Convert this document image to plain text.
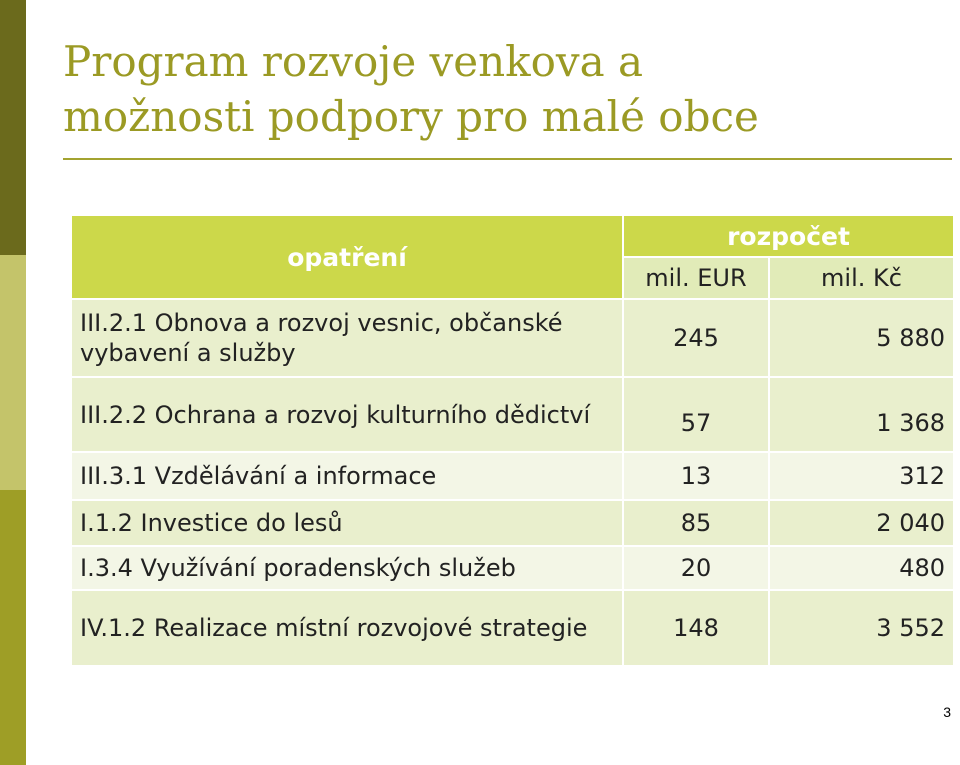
Program rozvoje venkova a
možnosti podpory pro malé obce
opatření	rozpočet	
	mil. EUR	mil. Kč
III.2.1 Obnova a rozvoj vesnic, občanské vybavení a služby	245	5 880
III.2.2 Ochrana a rozvoj kulturního dědictví	57	1 368
III.3.1 Vzdělávání a informace	13	312
I.1.2 Investice do lesů	85	2 040
I.3.4 Využívání poradenských služeb	20	480
IV.1.2 Realizace místní rozvojové strategie	148	3 552
3
